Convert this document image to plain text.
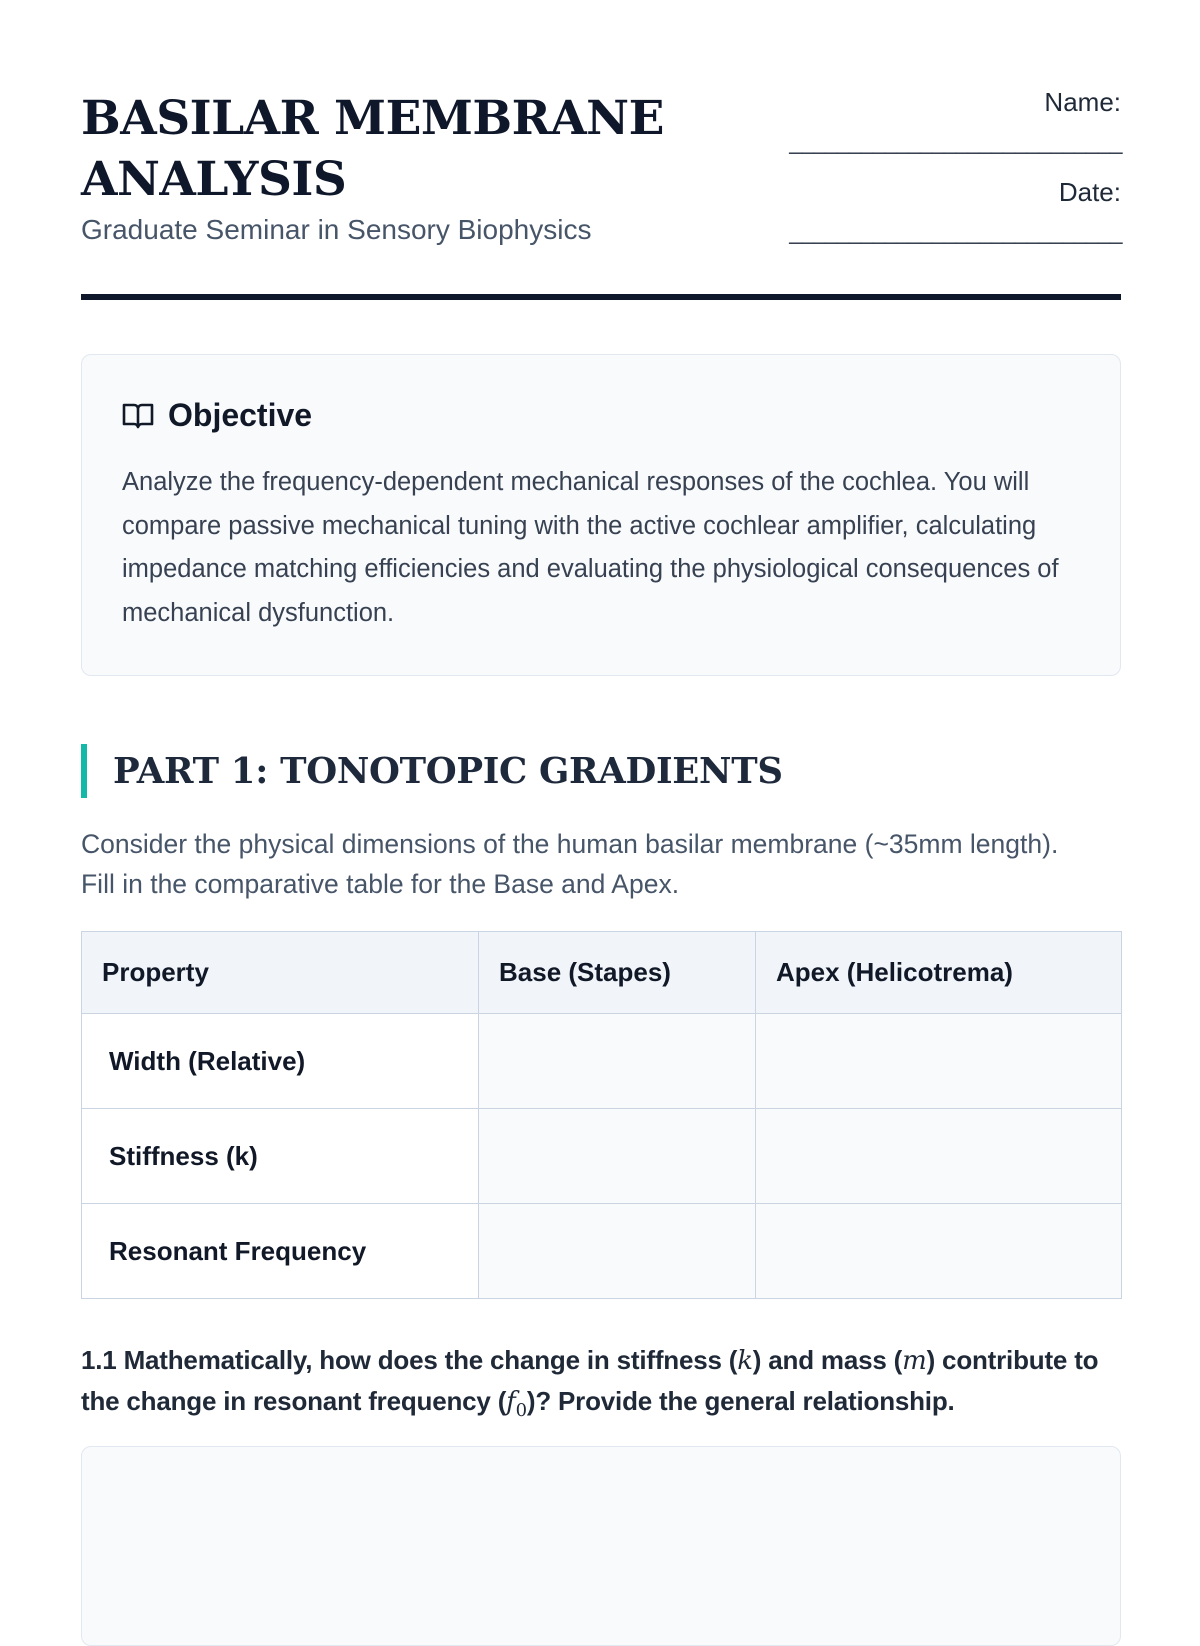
BASILAR MEMBRANE
ANALYSIS
Graduate Seminar in Sensory Biophysics
Name:
____________________________
Date:
____________________________
Objective
Analyze the frequency-dependent mechanical responses of the cochlea. You will compare passive mechanical tuning with the active cochlear amplifier, calculating impedance matching efficiencies and evaluating the physiological consequences of mechanical dysfunction.
PART 1: TONOTOPIC GRADIENTS
Consider the physical dimensions of the human basilar membrane (~35mm length). Fill in the comparative table for the Base and Apex.
Property	Base (Stapes)	Apex (Helicotrema)
Width (Relative)		
Stiffness (k)		
Resonant Frequency		
1.1 Mathematically, how does the change in stiffness (k) and mass (m) contribute to the change in resonant frequency $(f_0)$? Provide the general relationship.
